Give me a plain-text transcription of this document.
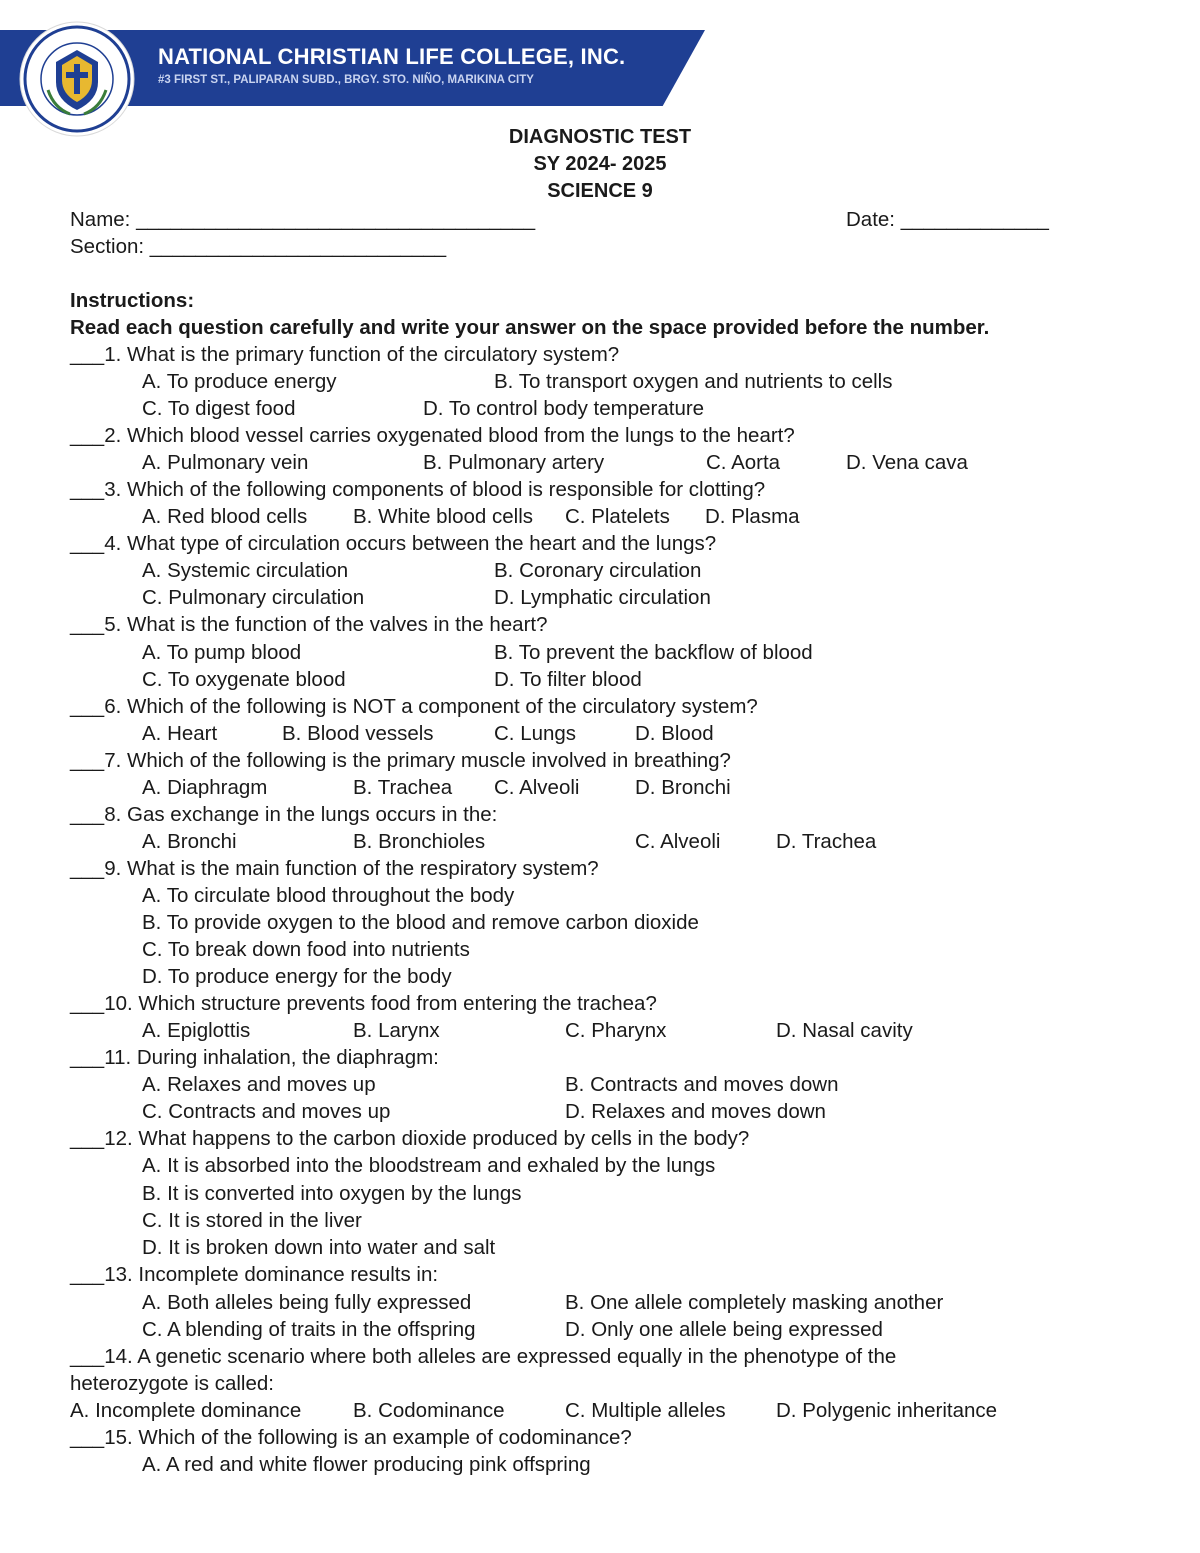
NATIONAL CHRISTIAN LIFE COLLEGE, INC.
#3 FIRST ST., PALIPARAN SUBD., BRGY. STO. NIÑO, MARIKINA CITY
DIAGNOSTIC TEST
SY 2024- 2025
SCIENCE 9
Name: ___________________________________	Date: _____________
Section: __________________________
Instructions:
Read each question carefully and write your answer on the space provided before the number.
___1. What is the primary function of the circulatory system?
A. To produce energy	B. To transport oxygen and nutrients to cells
C. To digest food	D. To control body temperature
___2. Which blood vessel carries oxygenated blood from the lungs to the heart?
A. Pulmonary vein	B. Pulmonary artery	C. Aorta	D. Vena cava
___3. Which of the following components of blood is responsible for clotting?
A. Red blood cells B. White blood cells C. Platelets D. Plasma
___4. What type of circulation occurs between the heart and the lungs?
A. Systemic circulation	B. Coronary circulation
C. Pulmonary circulation	D. Lymphatic circulation
___5. What is the function of the valves in the heart?
A. To pump blood	B. To prevent the backflow of blood
C. To oxygenate blood	D. To filter blood
___6. Which of the following is NOT a component of the circulatory system?
A. Heart	B. Blood vessels	C. Lungs	D. Blood
___7. Which of the following is the primary muscle involved in breathing?
A. Diaphragm	B. Trachea C. Alveoli	D. Bronchi
___8. Gas exchange in the lungs occurs in the:
A. Bronchi	B. Bronchioles	C. Alveoli	D. Trachea
___9. What is the main function of the respiratory system?
A. To circulate blood throughout the body
B. To provide oxygen to the blood and remove carbon dioxide
C. To break down food into nutrients
D. To produce energy for the body
___10. Which structure prevents food from entering the trachea?
A. Epiglottis	B. Larynx	C. Pharynx	D. Nasal cavity
___11. During inhalation, the diaphragm:
A. Relaxes and moves up	B. Contracts and moves down
C. Contracts and moves up	D. Relaxes and moves down
___12. What happens to the carbon dioxide produced by cells in the body?
A. It is absorbed into the bloodstream and exhaled by the lungs
B. It is converted into oxygen by the lungs
C. It is stored in the liver
D. It is broken down into water and salt
___13. Incomplete dominance results in:
A. Both alleles being fully expressed	B. One allele completely masking another
C. A blending of traits in the offspring	D. Only one allele being expressed
___14. A genetic scenario where both alleles are expressed equally in the phenotype of the
heterozygote is called:
A. Incomplete dominance	B. Codominance	C. Multiple alleles D. Polygenic inheritance
___15. Which of the following is an example of codominance?
A. A red and white flower producing pink offspring
